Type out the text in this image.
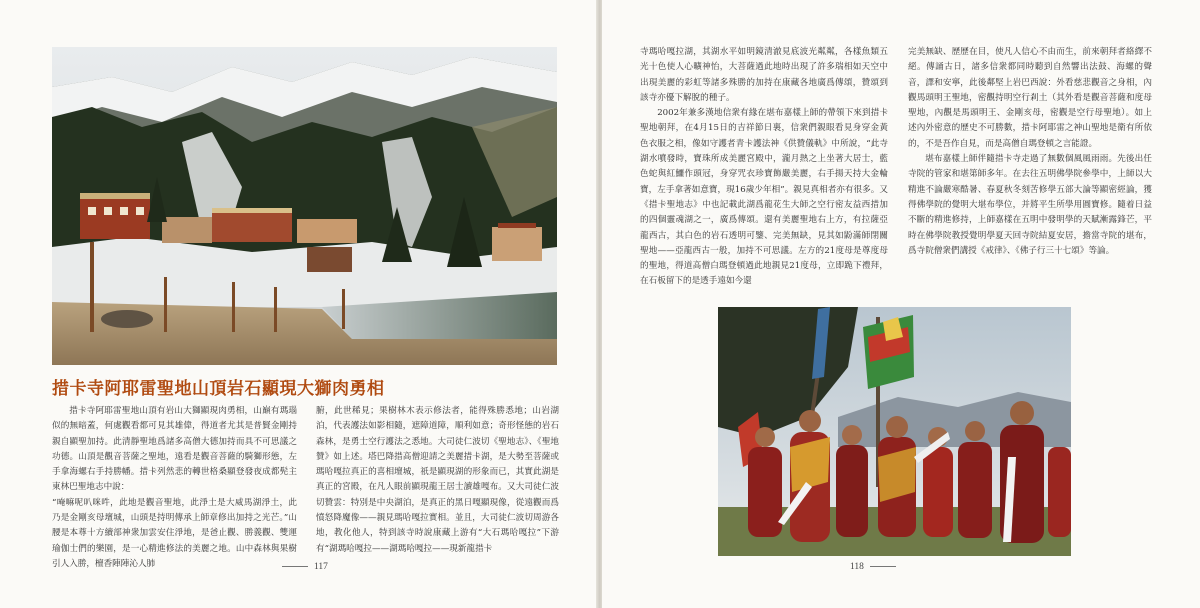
措卡寺阿耶雷聖地山頂岩石顯現大獅肉勇相

措卡寺阿耶雷聖地山頂有岩山大獅顯現肉勇相，山巔有瑪瑙似的無暗蓋，何處觀看都可見其雄偉，得道者尤其是普賢金剛持親自顯聖加持。此清靜聖地爲諸多高僧大德加持而具不可思議之功德。山頂是觀音菩薩之聖地，遠看是觀音菩薩的騎獅形態，左手拿海螺右手持勝幡。措卡列然悲的轉世格桑顯登發夜成都髡主東林巴聖地志中說：

“唵嘛呢叭咪吽，此地是觀音聖地，此淨土是大威馬湖淨土，此乃是金剛亥母壇城，山頭是持明傳承上師章修出加持之光芒。”山腰是本尊十方續部神衆加雲安住淨地，是爸止觀、勝義觀、雙運瑜伽士們的樂園，是一心精進修法的美麗之地。山中森林與果樹引人入勝，檀香陣陣沁人肺

腑，此世稀見；果樹林木表示修法者，能得殊勝悉地；山岩湖泊，代表護法如影相隨，遮障道障，順利如意；奇形怪態的岩石森林，是勇士空行護法之悉地。大司徒仁波切《聖地志》、《聖地贊》如上述。塔巴降措高僧迎請之美麗措卡湖，是大勢至菩薩或瑪哈嘎拉真正的喜相壇城，祇是顯現湖的形象而已，其實此湖是真正的宮殿，在凡人眼前顯現龍王居士讀雄嘎布。又大司徒仁波切贊雲：特別是中央湖泊，是真正的黑日嘎顯現像，從遠觀而爲憤怒降魔像——親見瑪哈嘎拉實相。並且，大司徒仁波切周游各地，教化他人，特到該寺時說康藏上游有“大石瑪哈嘎拉”下游有“湖瑪哈嘎拉——湖瑪哈嘎拉——現新龍措卡

117

寺瑪哈嘎拉湖，其湖水平如明鏡清澈見底波光粼粼，各樣魚類五光十色使人心曠神怡，大菩薩過此地時出現了許多瑞相如天空中出現美麗的彩虹等諸多殊勝的加持在康藏各地廣爲傳頌，贊頌到該寺亦優下解脫的種子。

2002年兼多漢地信衆有緣在堪布嘉樣上師的帶領下來到措卡聖地朝拜，在4月15日的吉祥節日裏，信衆們親眼看見身穿金黃色衣服之相，像如守護者青卡護法神《供贊儀軌》中所說，“此寺湖水噴發時，寶珠所成美麗宮殿中，瀧月熱之上坐著大居士，藍色蛇與紅鱷作頭冠，身穿咒衣珍寶飾嚴美麗，右手揚天持大金輪寶，左手拿著如意寶，現16歲少年相”。親見真相者亦有很多。又《措卡聖地志》中也記載此湖爲龍花生大師之空行密友益西措加的四個靈魂湖之一，廣爲傳頌。還有美麗聖地右上方，有拉薩亞龍西古，其白色的岩石透明可鑒、完美無缺，見其如鼢滿師閉關聖地——亞龍西古一般，加持不可思議。左方的21度母是尊度母的聖地，得道高僧白瑪登頓過此地親見21度母，立即跪下禮拜，在石板留下的是透手遠如今還

完美無缺、歷歷在目，使凡人信心不由而生，前來朝拜者絡繹不絕。傳誦古日，諸多信衆都同時聽到自然響出法鼓、海螺的聲音，譯和安寧，此後鄰堅上岩巴西說：外看慈悲觀音之身相，內觀馬頭明王聖地，密觀持明空行剎土（其外看是觀音菩薩和度母聖地，內觀是馬頭明王、金剛亥母，密觀是空行母聖地）。如上述內外密意的歷史不可勝數，措卡阿耶雷之神山聖地是衛有所依的，不是吾作自見，而是高僧自瑪登頓之言能證。

堪布嘉樣上師伴隨措卡寺走過了無數個風風雨雨。先後出任寺院的管家和堪第師多年。在去往五明佛學院參學中，上師以大精進不論嚴寒酷暑、春夏秋冬刻苦修學五部大論等顯密經論，獲得佛學院的覺明大堪布學位，并將平生所學用圓寶修。隨着日益不斷的精進修持，上師嘉樣在五明中發明學的天賦漸露鋒芒，平時在佛學院教授覺明學夏天回寺院結夏安居，擔當寺院的堪布，爲寺院僧衆們講授《戒律》、《佛子行三十七頌》等論。

118
